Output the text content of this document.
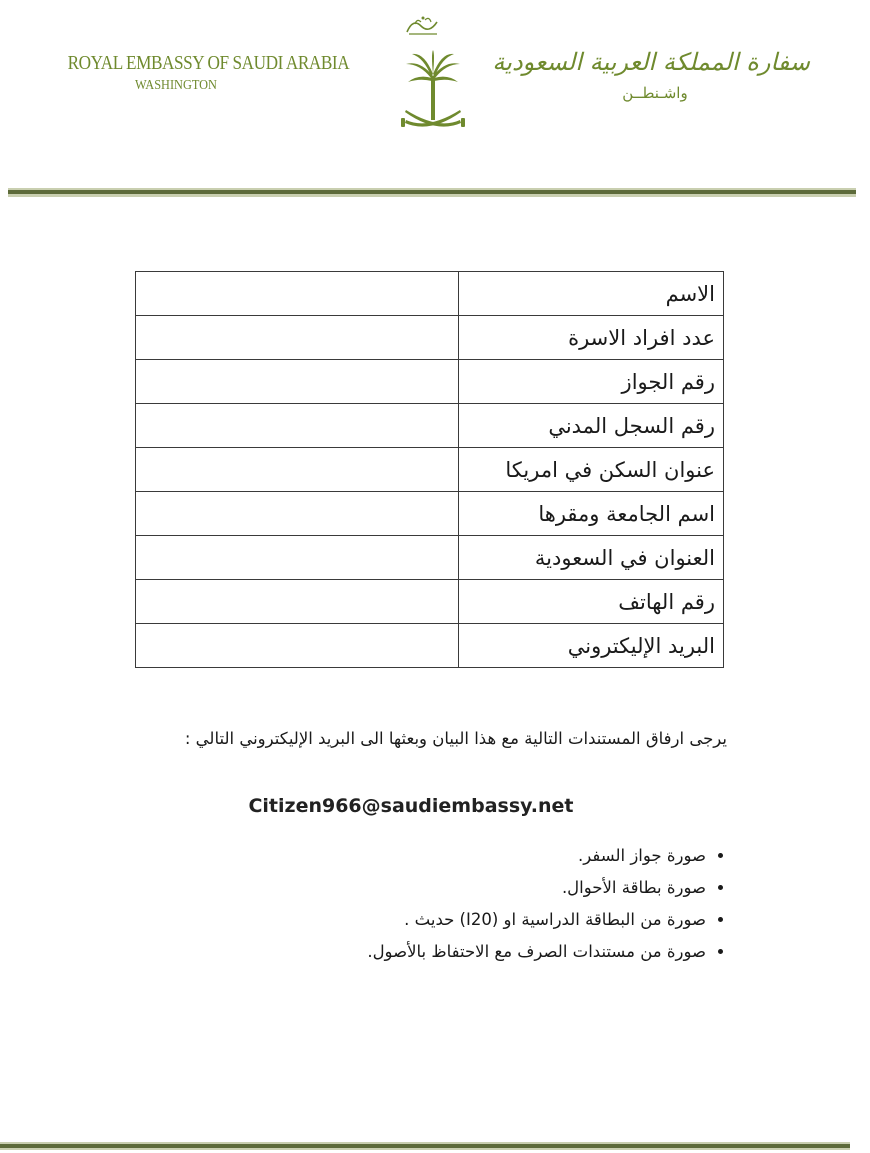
ROYAL EMBASSY OF SAUDI ARABIA
WASHINGTON
سفارة المملكة العربية السعودية
واشـنطــن
الاسم	
عدد افراد الاسرة	
رقم الجواز	
رقم السجل المدني	
عنوان السكن في امريكا	
اسم الجامعة ومقرها	
العنوان في السعودية	
رقم الهاتف	
البريد الإليكتروني	
يرجى ارفاق المستندات التالية مع هذا البيان وبعثها الى البريد الإليكتروني التالي :
Citizen966@saudiembassy.net
• صورة جواز السفر.
• صورة بطاقة الأحوال.
• صورة من البطاقة الدراسية او (I20) حديث .
• صورة من مستندات الصرف مع الاحتفاظ بالأصول.
